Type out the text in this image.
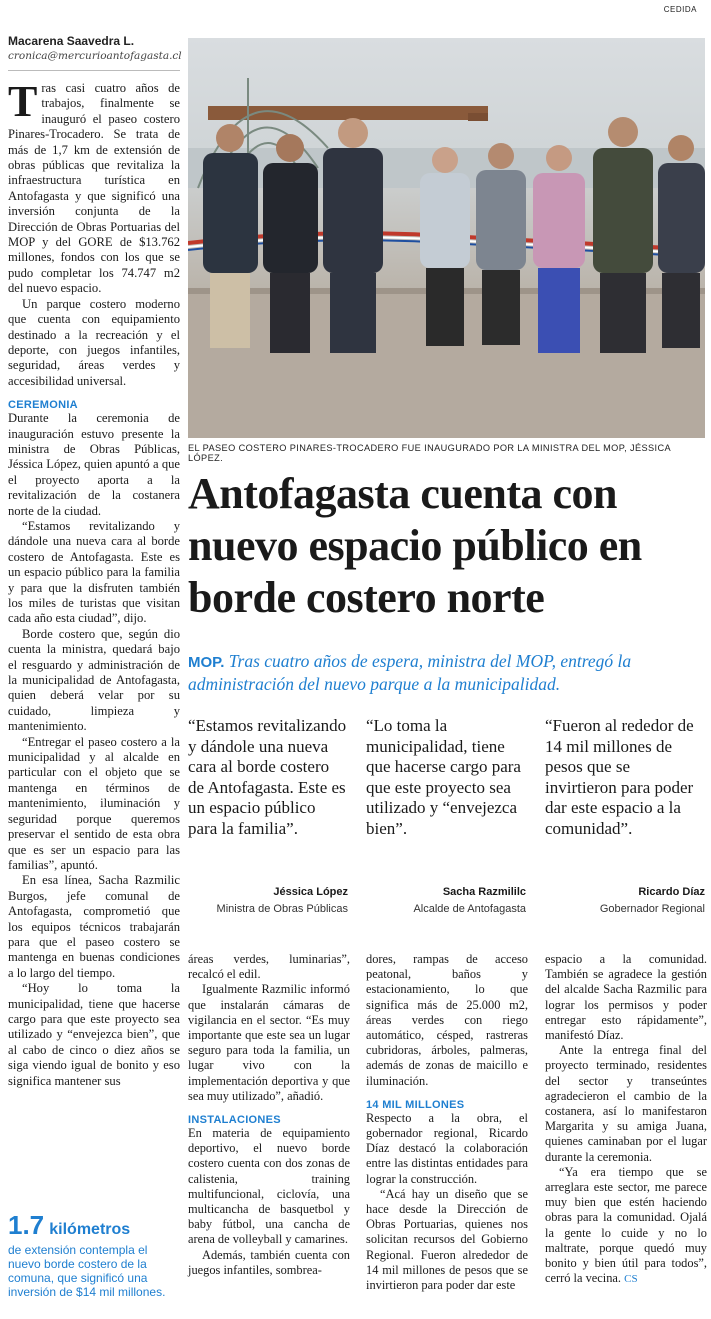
CEDIDA
Macarena Saavedra L.
cronica@mercurioantofagasta.cl

Tras casi cuatro años de trabajos, finalmente se inauguró el paseo costero Pinares-Trocadero. Se trata de más de 1,7 km de extensión de obras públicas que revitaliza la infraestructura turística en Antofagasta y que significó una inversión conjunta de la Dirección de Obras Portuarias del MOP y del GORE de $13.762 millones, fondos con los que se pudo completar los 74.747 m2 del nuevo espacio.

Un parque costero moderno que cuenta con equipamiento destinado a la recreación y el deporte, con juegos infantiles, seguridad, áreas verdes y accesibilidad universal.

CEREMONIA

Durante la ceremonia de inauguración estuvo presente la ministra de Obras Públicas, Jéssica López, quien apuntó a que el proyecto aporta a la revitalización de la costanera norte de la ciudad.

“Estamos revitalizando y dándole una nueva cara al borde costero de Antofagasta. Este es un espacio público para la familia y para que la disfruten también los miles de turistas que visitan cada año esta ciudad”, dijo.

Borde costero que, según dio cuenta la ministra, quedará bajo el resguardo y administración de la municipalidad de Antofagasta, quien deberá velar por su cuidado, limpieza y mantenimiento.

“Entregar el paseo costero a la municipalidad y al alcalde en particular con el objeto que se mantenga en términos de mantenimiento, iluminación y seguridad porque queremos preservar el sentido de esta obra que es ser un espacio para las familias”, apuntó.

En esa línea, Sacha Razmilic Burgos, jefe comunal de Antofagasta, comprometió que los equipos técnicos trabajarán para que el paseo costero se mantenga en buenas condiciones a lo largo del tiempo.

“Hoy lo toma la municipalidad, tiene que hacerse cargo para que este proyecto sea utilizado y “envejezca bien”, que al cabo de cinco o diez años se siga viendo igual de bonito y eso significa mantener sus

1.7 kilómetros
de extensión contempla el nuevo borde costero de la comuna, que significó una inversión de $14 mil millones.
EL PASEO COSTERO PINARES-TROCADERO FUE INAUGURADO POR LA MINISTRA DEL MOP, JÉSSICA LÓPEZ.
Antofagasta cuenta con nuevo espacio público en borde costero norte
MOP. Tras cuatro años de espera, ministra del MOP, entregó la administración del nuevo parque a la municipalidad.
“Estamos revitalizando y dándole una nueva cara al borde costero de Antofagasta. Este es un espacio público para la familia”.
Jéssica López
Ministra de Obras Públicas
“Lo toma la municipalidad, tiene que hacerse cargo para que este proyecto sea utilizado y “envejezca bien”.
Sacha Razmililc
Alcalde de Antofagasta
“Fueron al rededor de 14 mil millones de pesos que se invirtieron para poder dar este espacio a la comunidad”.
Ricardo Díaz
Gobernador Regional

áreas verdes, luminarias”, recalcó el edil.

Igualmente Razmilic informó que instalarán cámaras de vigilancia en el sector. “Es muy importante que este sea un lugar seguro para toda la familia, un lugar vivo con la implementación deportiva y que sea muy utilizado”, añadió.

INSTALACIONES

En materia de equipamiento deportivo, el nuevo borde costero cuenta con dos zonas de calistenia, training multifuncional, ciclovía, una multicancha de basquetbol y baby fútbol, una cancha de arena de volleyball y camarines.

Además, también cuenta con juegos infantiles, sombrea-

dores, rampas de acceso peatonal, baños y estacionamiento, lo que significa más de 25.000 m2, áreas verdes con riego automático, césped, rastreras cubridoras, árboles, palmeras, además de zonas de maicillo e iluminación.

14 MIL MILLONES

Respecto a la obra, el gobernador regional, Ricardo Díaz destacó la colaboración entre las distintas entidades para lograr la construcción.

“Acá hay un diseño que se hace desde la Dirección de Obras Portuarias, quienes nos solicitan recursos del Gobierno Regional. Fueron alrededor de 14 mil millones de pesos que se invirtieron para poder dar este

espacio a la comunidad. También se agradece la gestión del alcalde Sacha Razmilic para lograr los permisos y poder entregar esto rápidamente”, manifestó Díaz.

Ante la entrega final del proyecto terminado, residentes del sector y transeúntes agradecieron el cambio de la costanera, así lo manifestaron Margarita y su amiga Juana, quienes caminaban por el lugar durante la ceremonia.

“Ya era tiempo que se arreglara este sector, me parece muy bien que estén haciendo obras para la comunidad. Ojalá la gente lo cuide y no lo maltrate, porque quedó muy bonito y bien útil para todos”, cerró la vecina. CS
